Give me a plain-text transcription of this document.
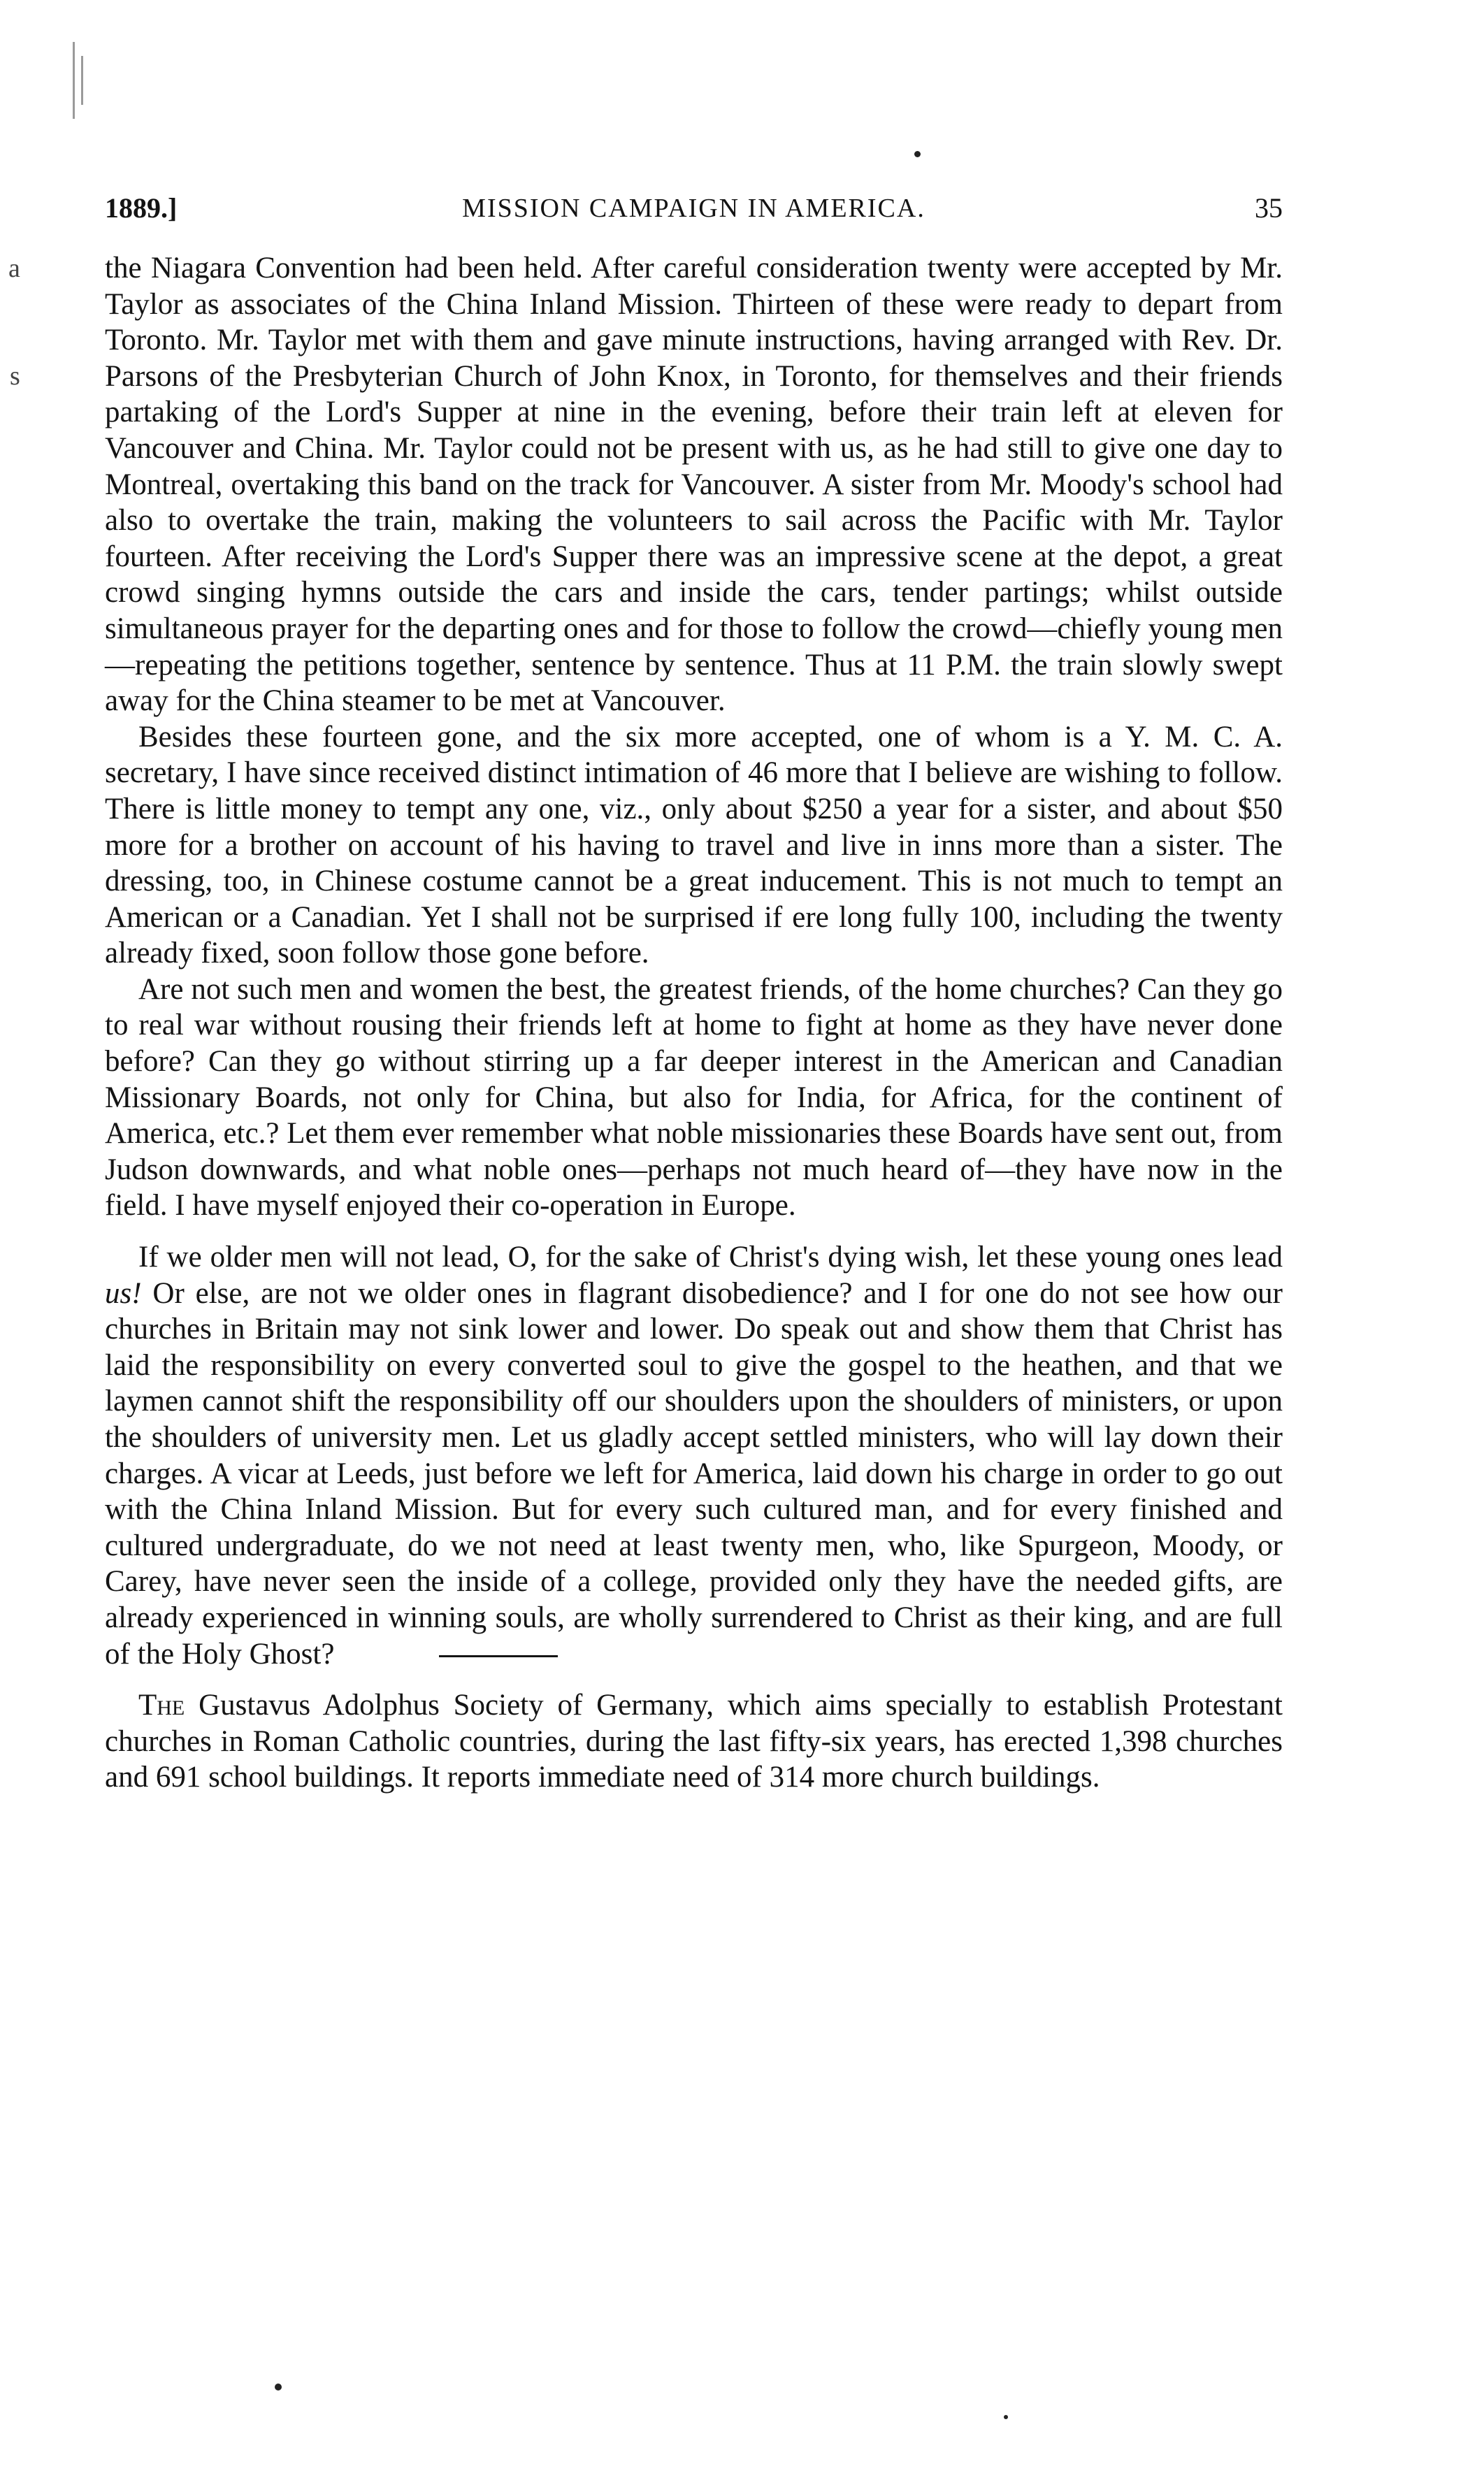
a
s
1889.]	MISSION CAMPAIGN IN AMERICA.	35

the Niagara Convention had been held. After careful consideration twenty were accepted by Mr. Taylor as associates of the China Inland Mission. Thirteen of these were ready to depart from Toronto. Mr. Taylor met with them and gave minute instructions, having arranged with Rev. Dr. Parsons of the Presbyterian Church of John Knox, in Toronto, for themselves and their friends partaking of the Lord's Supper at nine in the evening, before their train left at eleven for Vancouver and China. Mr. Taylor could not be present with us, as he had still to give one day to Montreal, overtaking this band on the track for Vancouver. A sister from Mr. Moody's school had also to overtake the train, making the volunteers to sail across the Pacific with Mr. Taylor fourteen. After receiving the Lord's Supper there was an impressive scene at the depot, a great crowd singing hymns outside the cars and inside the cars, tender partings; whilst outside simultaneous prayer for the departing ones and for those to follow the crowd—chiefly young men—repeating the petitions together, sentence by sentence. Thus at 11 P.M. the train slowly swept away for the China steamer to be met at Vancouver.

Besides these fourteen gone, and the six more accepted, one of whom is a Y. M. C. A. secretary, I have since received distinct intimation of 46 more that I believe are wishing to follow. There is little money to tempt any one, viz., only about $250 a year for a sister, and about $50 more for a brother on account of his having to travel and live in inns more than a sister. The dressing, too, in Chinese costume cannot be a great inducement. This is not much to tempt an American or a Canadian. Yet I shall not be surprised if ere long fully 100, including the twenty already fixed, soon follow those gone before.

Are not such men and women the best, the greatest friends, of the home churches? Can they go to real war without rousing their friends left at home to fight at home as they have never done before? Can they go without stirring up a far deeper interest in the American and Canadian Missionary Boards, not only for China, but also for India, for Africa, for the continent of America, etc.? Let them ever remember what noble missionaries these Boards have sent out, from Judson downwards, and what noble ones—perhaps not much heard of—they have now in the field. I have myself enjoyed their co-operation in Europe.

If we older men will not lead, O, for the sake of Christ's dying wish, let these young ones lead us! Or else, are not we older ones in flagrant disobedience? and I for one do not see how our churches in Britain may not sink lower and lower. Do speak out and show them that Christ has laid the responsibility on every converted soul to give the gospel to the heathen, and that we laymen cannot shift the responsibility off our shoulders upon the shoulders of ministers, or upon the shoulders of university men. Let us gladly accept settled ministers, who will lay down their charges. A vicar at Leeds, just before we left for America, laid down his charge in order to go out with the China Inland Mission. But for every such cultured man, and for every finished and cultured undergraduate, do we not need at least twenty men, who, like Spurgeon, Moody, or Carey, have never seen the inside of a college, provided only they have the needed gifts, are already experienced in winning souls, are wholly surrendered to Christ as their king, and are full of the Holy Ghost?

The Gustavus Adolphus Society of Germany, which aims specially to establish Protestant churches in Roman Catholic countries, during the last fifty-six years, has erected 1,398 churches and 691 school buildings. It reports immediate need of 314 more church buildings.
